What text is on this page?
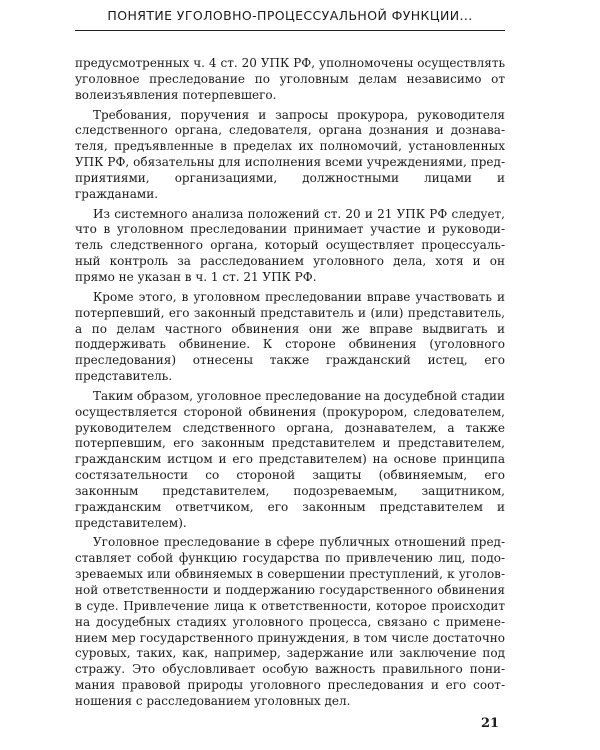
ПОНЯТИЕ УГОЛОВНО-ПРОЦЕССУАЛЬНОЙ ФУНКЦИИ...

предусмотренных ч. 4 ст. 20 УПК РФ, уполномочены осуществлять уголовное преследование по уголовным делам независимо от волеизъявления потерпевшего.

Требования, поручения и запросы прокурора, руководителя следственного органа, следователя, органа дознания и дознавателя, предъявленные в пределах их полномочий, установленных УПК РФ, обязательны для исполнения всеми учреждениями, предприятиями, организациями, должностными лицами и гражданами.

Из системного анализа положений ст. 20 и 21 УПК РФ следует, что в уголовном преследовании принимает участие и руководитель следственного органа, который осуществляет процессуальный контроль за расследованием уголовного дела, хотя и он прямо не указан в ч. 1 ст. 21 УПК РФ.

Кроме этого, в уголовном преследовании вправе участвовать и потерпевший, его законный представитель и (или) представитель, а по делам частного обвинения они же вправе выдвигать и поддерживать обвинение. К стороне обвинения (уголовного преследования) отнесены также гражданский истец, его представитель.

Таким образом, уголовное преследование на досудебной стадии осуществляется стороной обвинения (прокурором, следователем, руководителем следственного органа, дознавателем, а также потерпевшим, его законным представителем и представителем, гражданским истцом и его представителем) на основе принципа состязательности со стороной защиты (обвиняемым, его законным представителем, подозреваемым, защитником, гражданским ответчиком, его законным представителем и представителем).

Уголовное преследование в сфере публичных отношений представляет собой функцию государства по привлечению лиц, подозреваемых или обвиняемых в совершении преступлений, к уголовной ответственности и поддержанию государственного обвинения в суде. Привлечение лица к ответственности, которое происходит на досудебных стадиях уголовного процесса, связано с применением мер государственного принуждения, в том числе достаточно суровых, таких, как, например, задержание или заключение под стражу. Это обусловливает особую важность правильного понимания правовой природы уголовного преследования и его соотношения с расследованием уголовных дел.

21
